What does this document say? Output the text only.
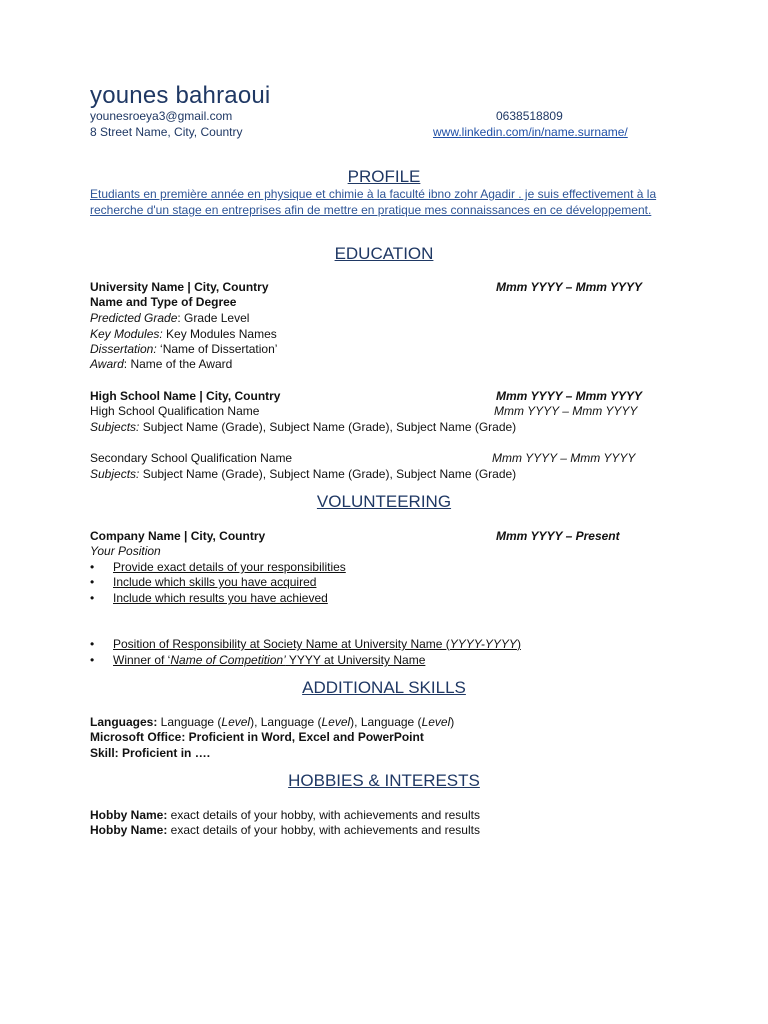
younes bahraoui
younesroeya3@gmail.com	0638518809
8 Street Name, City, Country	www.linkedin.com/in/name.surname/
PROFILE
Etudiants en première année en physique et chimie à la faculté ibno zohr Agadir . je suis effectivement à la recherche d'un stage en entreprises afin de mettre en pratique mes connaissances en ce développement.
EDUCATION
University Name | City, Country	Mmm YYYY – Mmm YYYY
Name and Type of Degree
Predicted Grade: Grade Level
Key Modules: Key Modules Names
Dissertation: ‘Name of Dissertation’
Award: Name of the Award
High School Name | City, Country	Mmm YYYY – Mmm YYYY
High School Qualification Name	Mmm YYYY – Mmm YYYY
Subjects: Subject Name (Grade), Subject Name (Grade), Subject Name (Grade)
Secondary School Qualification Name	Mmm YYYY – Mmm YYYY
Subjects: Subject Name (Grade), Subject Name (Grade), Subject Name (Grade)
VOLUNTEERING
Company Name | City, Country	Mmm YYYY – Present
Your Position
• Provide exact details of your responsibilities
• Include which skills you have acquired
• Include which results you have achieved
• Position of Responsibility at Society Name at University Name (YYYY-YYYY)
• Winner of ‘Name of Competition’ YYYY at University Name
ADDITIONAL SKILLS
Languages: Language (Level), Language (Level), Language (Level)
Microsoft Office: Proficient in Word, Excel and PowerPoint
Skill: Proficient in ….
HOBBIES & INTERESTS
Hobby Name: exact details of your hobby, with achievements and results
Hobby Name: exact details of your hobby, with achievements and results
